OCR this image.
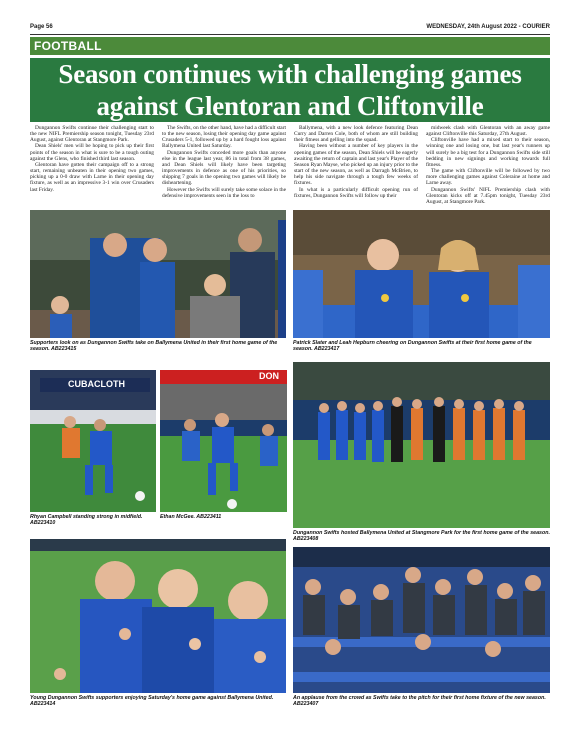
Page 56	WEDNESDAY, 24th August 2022 - COURIER
FOOTBALL
Season continues with challenging games
against Glentoran and Cliftonville

Dungannon Swifts continue their challenging start to the new NIFL Premiership season tonight, Tuesday 23rd August, against Glentoran at Stangmore Park.

Dean Shiels' men will be hoping to pick up their first points of the season in what is sure to be a tough outing against the Glens, who finished third last season.

Glentoran have gotten their campaign off to a strong start, remaining unbeaten in their opening two games, picking up a 0-0 draw with Larne in their opening day fixture, as well as an impressive 3-1 win over Crusaders last Friday.

The Swifts, on the other hand, have had a difficult start to the new season, losing their opening day game against Crusaders 5-1, followed up by a hard fought loss against Ballymena United last Saturday.

Dungannon Swifts conceded more goals than anyone else in the league last year, 86 in total from 38 games, and Dean Shiels will likely have been targeting improvements in defence as one of his priorities, so shipping 7 goals in the opening two games will likely be disheartening.

However the Swifts will surely take some solace in the defensive improvements seen in the loss to

Ballymena, with a new look defence featuring Dean Curry and Darren Cole, both of whom are still building their fitness and gelling into the squad.

Having been without a number of key players in the opening games of the season, Dean Shiels will be eagerly awaiting the return of captain and last year's Player of the Season Ryan Mayse, who picked up an injury prior to the start of the new season, as well as Darragh McBrien, to help his side navigate through a tough few weeks of fixtures.

In what is a particularly difficult opening run of fixtures, Dungannon Swifts will follow up their

midweek clash with Glentoran with an away game against Cliftonville this Saturday, 27th August.

Cliftonville have had a mixed start to their season, winning one and losing one, but last year's runners up will surely be a big test for a Dungannon Swifts side still bedding in new signings and working towards full fitness.

The game with Cliftonville will be followed by two more challenging games against Coleraine at home and Larne away.

Dungannon Swifts' NIFL Premiership clash with Glentoran kicks off at 7.45pm tonight, Tuesday 23rd August, at Stangmore Park.

Supporters look on as Dungannon Swifts take on Ballymena United in their first home game of the season. AB223415
Patrick Slater and Leah Hepburn cheering on Dungannon Swifts at their first home game of the season. AB223417
CUBACLOTH
Rhyan Campbell standing strong in midfield. AB223410
DON
Ethan McGee. AB223411
Dungannon Swifts hosted Ballymena United at Stangmore Park for the first home game of the season. AB223408
Young Dungannon Swifts supporters enjoying Saturday's home game against Ballymena United. AB223414
An applause from the crowd as Swifts take to the pitch for their first home fixture of the new season. AB223407
